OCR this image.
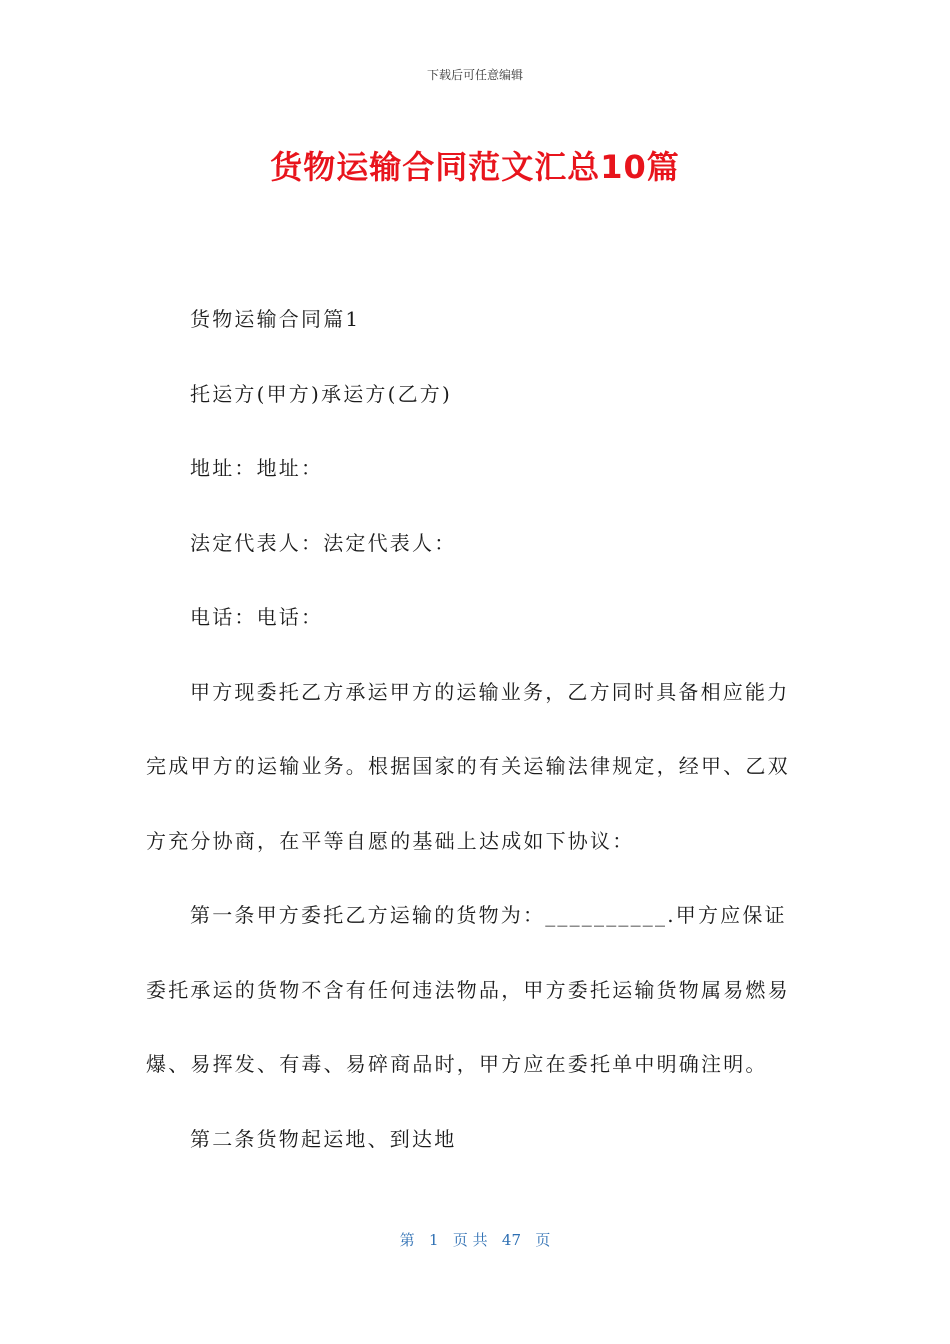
下载后可任意编辑
货物运输合同范文汇总10篇

货物运输合同篇1

托运方(甲方)承运方(乙方)

地址：地址：

法定代表人：法定代表人：

电话：电话：

甲方现委托乙方承运甲方的运输业务，乙方同时具备相应能力完成甲方的运输业务。根据国家的有关运输法律规定，经甲、乙双方充分协商，在平等自愿的基础上达成如下协议：

第一条甲方委托乙方运输的货物为：__________.甲方应保证委托承运的货物不含有任何违法物品，甲方委托运输货物属易燃易爆、易挥发、有毒、易碎商品时，甲方应在委托单中明确注明。

第二条货物起运地、到达地

第 1 页 共 47 页
